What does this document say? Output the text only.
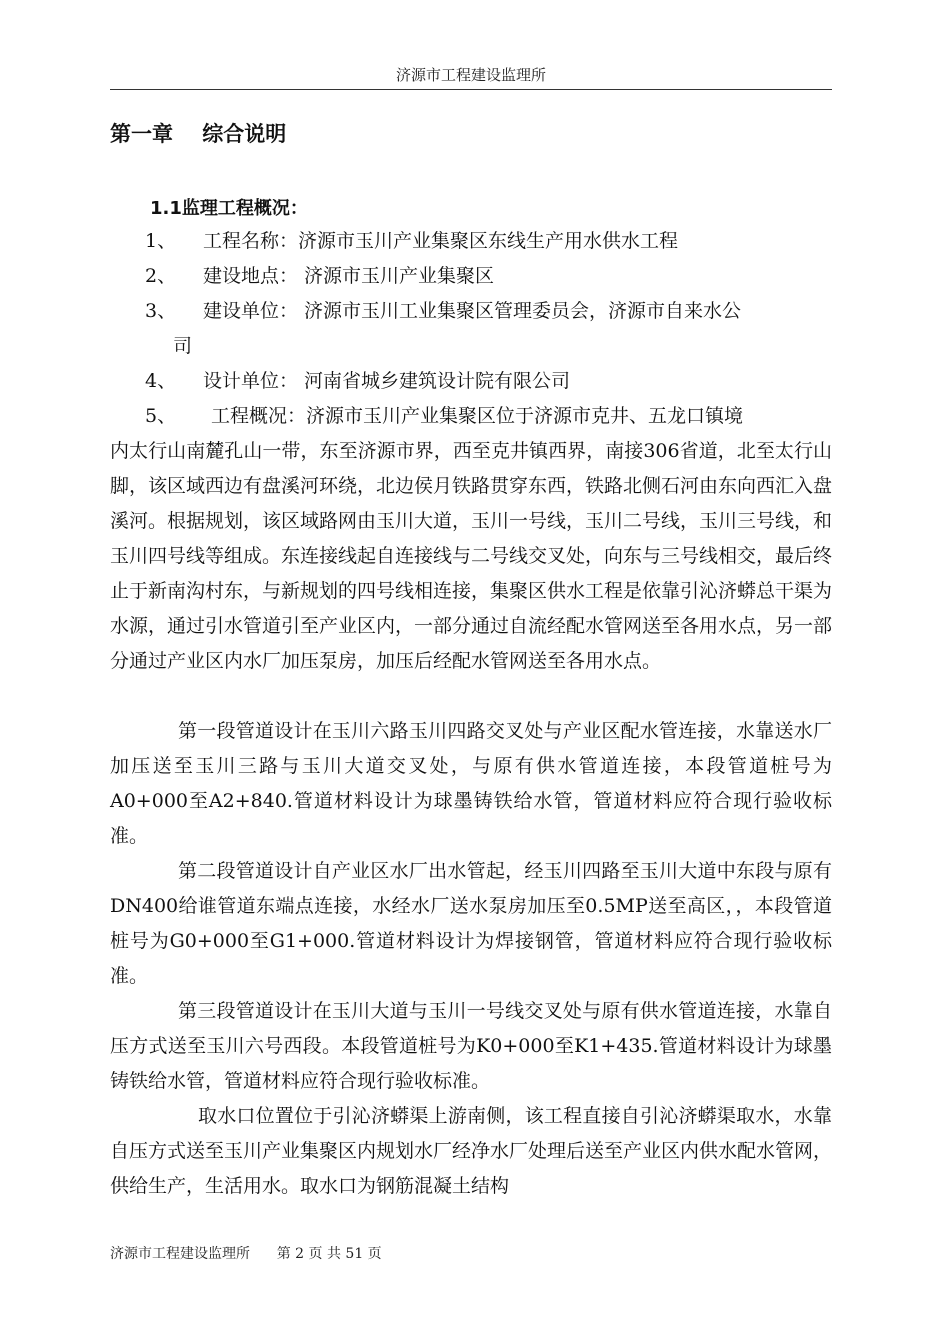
济源市工程建设监理所
第一章    综合说明
1.1监理工程概况：
1、 工程名称：济源市玉川产业集聚区东线生产用水供水工程
2、 建设地点： 济源市玉川产业集聚区
3、 建设单位： 济源市玉川工业集聚区管理委员会，济源市自来水公
司
4、 设计单位： 河南省城乡建筑设计院有限公司
5、 工程概况：济源市玉川产业集聚区位于济源市克井、五龙口镇境
内太行山南麓孔山一带，东至济源市界，西至克井镇西界，南接306省道，北至太行山脚，该区域西边有盘溪河环绕，北边侯月铁路贯穿东西，铁路北侧石河由东向西汇入盘溪河。根据规划，该区域路网由玉川大道，玉川一号线，玉川二号线，玉川三号线，和玉川四号线等组成。东连接线起自连接线与二号线交叉处，向东与三号线相交，最后终止于新南沟村东，与新规划的四号线相连接，集聚区供水工程是依靠引沁济蟒总干渠为水源，通过引水管道引至产业区内，一部分通过自流经配水管网送至各用水点，另一部分通过产业区内水厂加压泵房，加压后经配水管网送至各用水点。
第一段管道设计在玉川六路玉川四路交叉处与产业区配水管连接，水靠送水厂加压送至玉川三路与玉川大道交叉处，与原有供水管道连接，本段管道桩号为A0+000至A2+840.管道材料设计为球墨铸铁给水管，管道材料应符合现行验收标准。
第二段管道设计自产业区水厂出水管起，经玉川四路至玉川大道中东段与原有DN400给谁管道东端点连接，水经水厂送水泵房加压至0.5MP送至高区，，本段管道桩号为G0+000至G1+000.管道材料设计为焊接钢管，管道材料应符合现行验收标准。
第三段管道设计在玉川大道与玉川一号线交叉处与原有供水管道连接，水靠自压方式送至玉川六号西段。本段管道桩号为K0+000至K1+435.管道材料设计为球墨铸铁给水管，管道材料应符合现行验收标准。
取水口位置位于引沁济蟒渠上游南侧，该工程直接自引沁济蟒渠取水，水靠自压方式送至玉川产业集聚区内规划水厂经净水厂处理后送至产业区内供水配水管网，供给生产，生活用水。取水口为钢筋混凝土结构
济源市工程建设监理所 第 2 页 共 51 页
